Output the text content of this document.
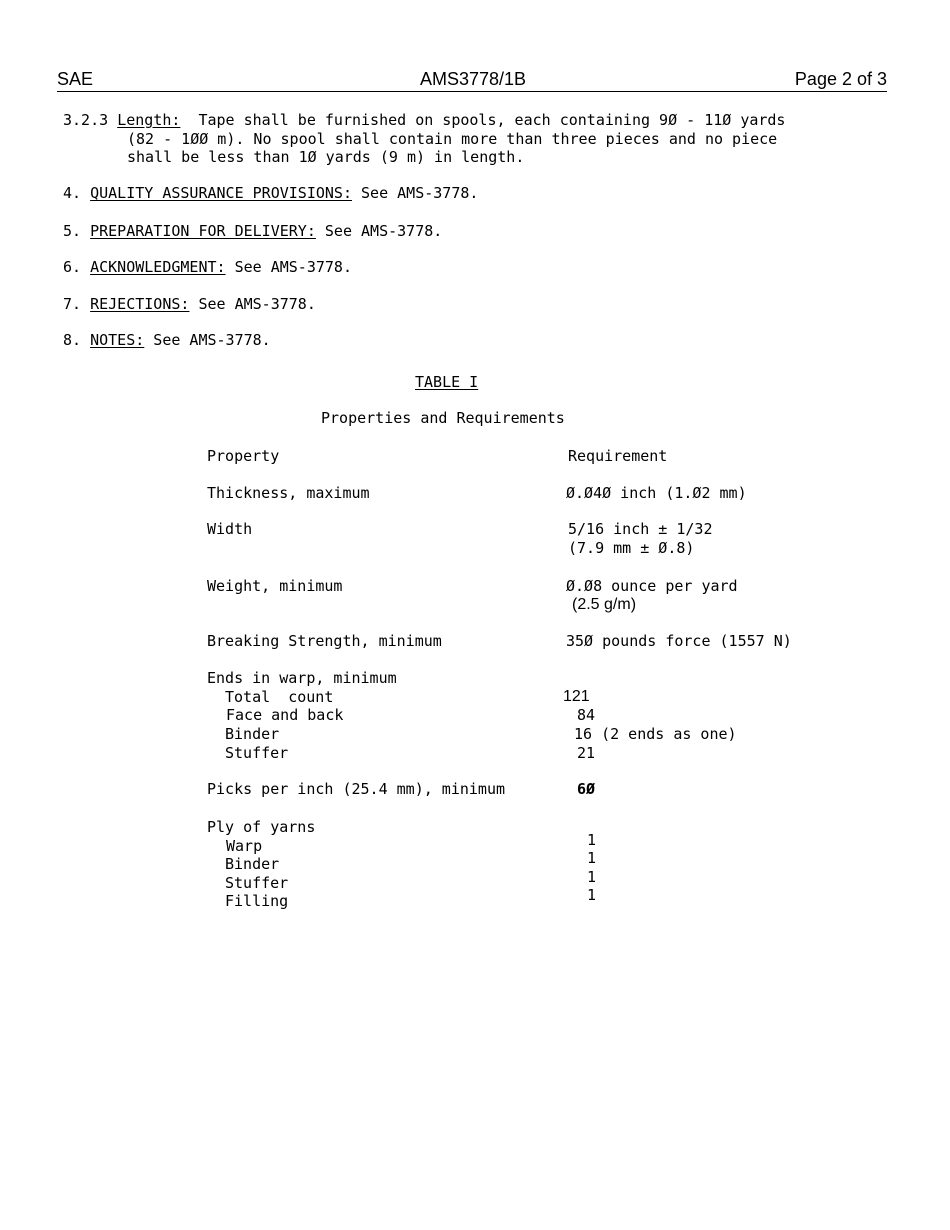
SAE	AMS3778/1B	Page 2 of 3
3.2.3 Length:  Tape shall be furnished on spools, each containing 9Ø - 11Ø yards
(82 - 1ØØ m). No spool shall contain more than three pieces and no piece
shall be less than 1Ø yards (9 m) in length.
4. QUALITY ASSURANCE PROVISIONS: See AMS-3778.
5. PREPARATION FOR DELIVERY: See AMS-3778.
6. ACKNOWLEDGMENT: See AMS-3778.
7. REJECTIONS: See AMS-3778.
8. NOTES: See AMS-3778.
TABLE I
Properties and Requirements
Property	Requirement
Thickness, maximum	Ø.Ø4Ø inch (1.Ø2 mm)
Width	5/16 inch ± 1/32
(7.9 mm ± Ø.8)
Weight, minimum	Ø.Ø8 ounce per yard
(2.5 g/m)
Breaking Strength, minimum	35Ø pounds force (1557 N)
Ends in warp, minimum
Total  count	121
Face and back	84
Binder	16 (2 ends as one)
Stuffer	21
Picks per inch (25.4 mm), minimum	6Ø
Ply of yarns
Warp	1
Binder	1
Stuffer	1
Filling	1
